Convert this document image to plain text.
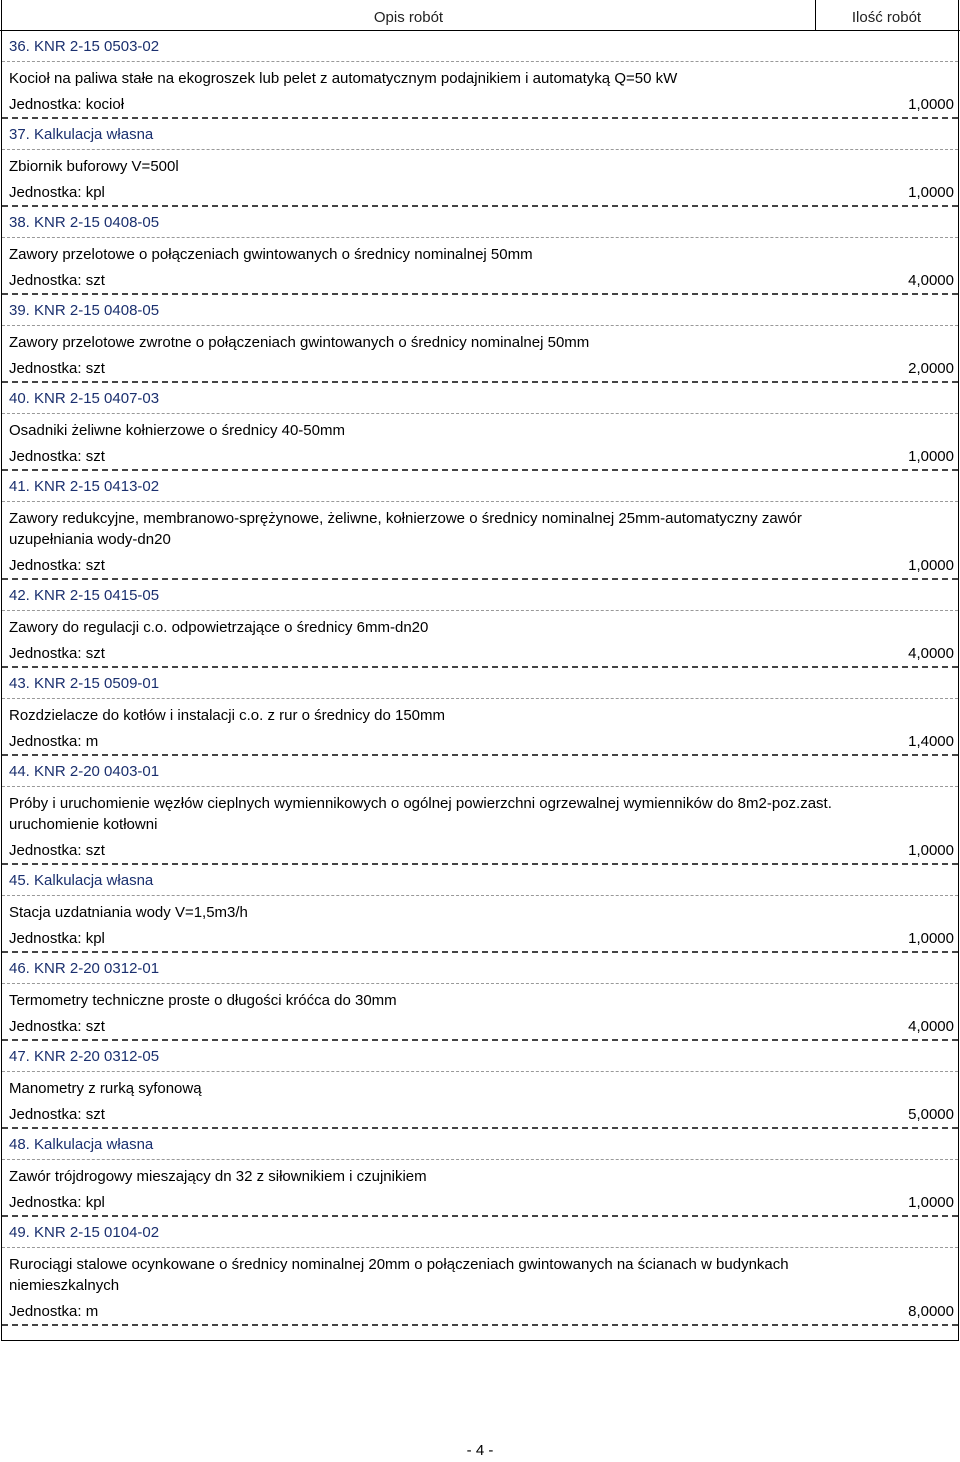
Opis robót	Ilość robót
36. KNR 2-15 0503-02
Kocioł na paliwa stałe na ekogroszek lub pelet z automatycznym podajnikiem i automatyką Q=50 kW
Jednostka: kocioł	1,0000
37. Kalkulacja własna
Zbiornik buforowy V=500l
Jednostka: kpl	1,0000
38. KNR 2-15 0408-05
Zawory przelotowe o połączeniach gwintowanych o średnicy nominalnej 50mm
Jednostka: szt	4,0000
39. KNR 2-15 0408-05
Zawory przelotowe zwrotne o połączeniach gwintowanych o średnicy nominalnej 50mm
Jednostka: szt	2,0000
40. KNR 2-15 0407-03
Osadniki żeliwne kołnierzowe o średnicy 40-50mm
Jednostka: szt	1,0000
41. KNR 2-15 0413-02
Zawory redukcyjne, membranowo-sprężynowe, żeliwne, kołnierzowe o średnicy nominalnej 25mm-automatyczny zawór uzupełniania wody-dn20
Jednostka: szt	1,0000
42. KNR 2-15 0415-05
Zawory do regulacji c.o. odpowietrzające o średnicy 6mm-dn20
Jednostka: szt	4,0000
43. KNR 2-15 0509-01
Rozdzielacze do kotłów i instalacji c.o. z rur o średnicy do 150mm
Jednostka: m	1,4000
44. KNR 2-20 0403-01
Próby i uruchomienie węzłów cieplnych wymiennikowych o ogólnej powierzchni ogrzewalnej wymienników do 8m2-poz.zast. uruchomienie kotłowni
Jednostka: szt	1,0000
45. Kalkulacja własna
Stacja uzdatniania wody V=1,5m3/h
Jednostka: kpl	1,0000
46. KNR 2-20 0312-01
Termometry techniczne proste o długości króćca do 30mm
Jednostka: szt	4,0000
47. KNR 2-20 0312-05
Manometry z rurką syfonową
Jednostka: szt	5,0000
48. Kalkulacja własna
Zawór trójdrogowy mieszający dn 32 z siłownikiem i czujnikiem
Jednostka: kpl	1,0000
49. KNR 2-15 0104-02
Rurociągi stalowe ocynkowane o średnicy nominalnej 20mm o połączeniach gwintowanych na ścianach w budynkach niemieszkalnych
Jednostka: m	8,0000
- 4 -
